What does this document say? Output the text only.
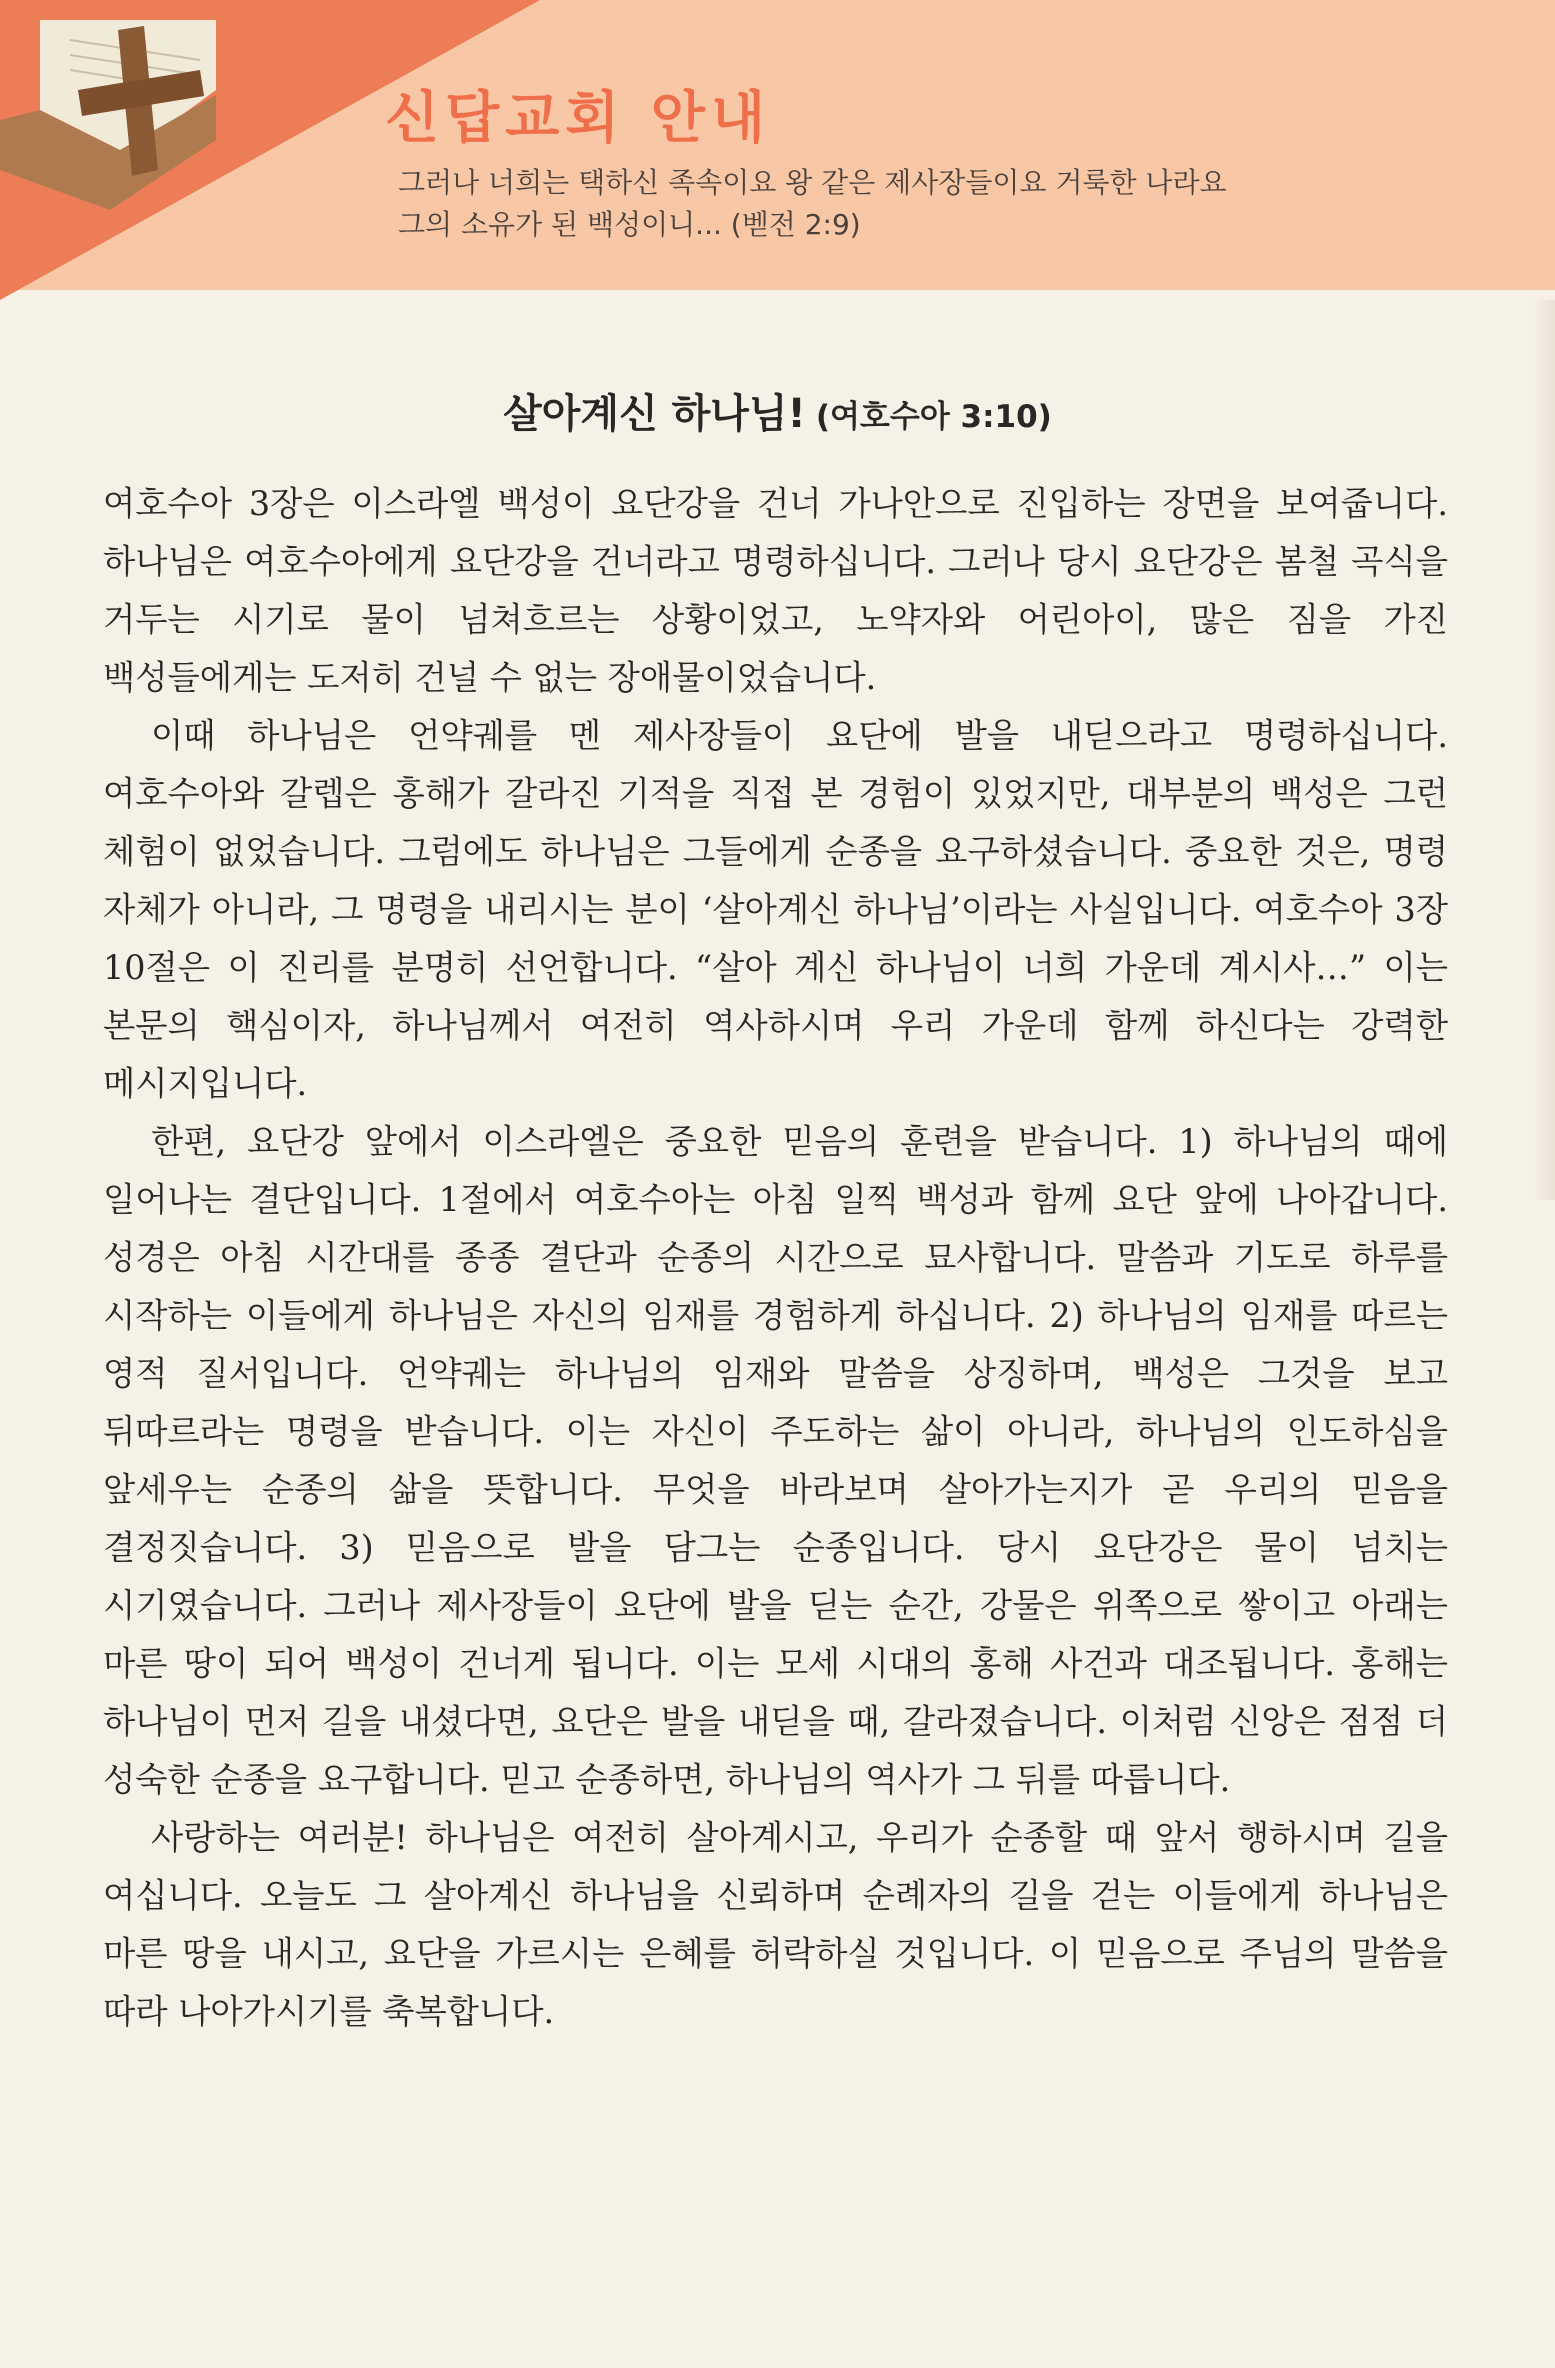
신답교회 안내

그러나 너희는 택하신 족속이요 왕 같은 제사장들이요 거룩한 나라요
그의 소유가 된 백성이니... (벧전 2:9)

살아계신 하나님! (여호수아 3:10)

여호수아 3장은 이스라엘 백성이 요단강을 건너 가나안으로 진입하는 장면을 보여줍니다. 하나님은 여호수아에게 요단강을 건너라고 명령하십니다. 그러나 당시 요단강은 봄철 곡식을 거두는 시기로 물이 넘쳐흐르는 상황이었고, 노약자와 어린아이, 많은 짐을 가진 백성들에게는 도저히 건널 수 없는 장애물이었습니다.

이때 하나님은 언약궤를 멘 제사장들이 요단에 발을 내딛으라고 명령하십니다. 여호수아와 갈렙은 홍해가 갈라진 기적을 직접 본 경험이 있었지만, 대부분의 백성은 그런 체험이 없었습니다. 그럼에도 하나님은 그들에게 순종을 요구하셨습니다. 중요한 것은, 명령 자체가 아니라, 그 명령을 내리시는 분이 ‘살아계신 하나님’이라는 사실입니다. 여호수아 3장 10절은 이 진리를 분명히 선언합니다. “살아 계신 하나님이 너희 가운데 계시사…” 이는 본문의 핵심이자, 하나님께서 여전히 역사하시며 우리 가운데 함께 하신다는 강력한 메시지입니다.

한편, 요단강 앞에서 이스라엘은 중요한 믿음의 훈련을 받습니다. 1) 하나님의 때에 일어나는 결단입니다. 1절에서 여호수아는 아침 일찍 백성과 함께 요단 앞에 나아갑니다. 성경은 아침 시간대를 종종 결단과 순종의 시간으로 묘사합니다. 말씀과 기도로 하루를 시작하는 이들에게 하나님은 자신의 임재를 경험하게 하십니다. 2) 하나님의 임재를 따르는 영적 질서입니다. 언약궤는 하나님의 임재와 말씀을 상징하며, 백성은 그것을 보고 뒤따르라는 명령을 받습니다. 이는 자신이 주도하는 삶이 아니라, 하나님의 인도하심을 앞세우는 순종의 삶을 뜻합니다. 무엇을 바라보며 살아가는지가 곧 우리의 믿음을 결정짓습니다. 3) 믿음으로 발을 담그는 순종입니다. 당시 요단강은 물이 넘치는 시기였습니다. 그러나 제사장들이 요단에 발을 딛는 순간, 강물은 위쪽으로 쌓이고 아래는 마른 땅이 되어 백성이 건너게 됩니다. 이는 모세 시대의 홍해 사건과 대조됩니다. 홍해는 하나님이 먼저 길을 내셨다면, 요단은 발을 내딛을 때, 갈라졌습니다. 이처럼 신앙은 점점 더 성숙한 순종을 요구합니다. 믿고 순종하면, 하나님의 역사가 그 뒤를 따릅니다.

사랑하는 여러분! 하나님은 여전히 살아계시고, 우리가 순종할 때 앞서 행하시며 길을 여십니다. 오늘도 그 살아계신 하나님을 신뢰하며 순례자의 길을 걷는 이들에게 하나님은 마른 땅을 내시고, 요단을 가르시는 은혜를 허락하실 것입니다. 이 믿음으로 주님의 말씀을 따라 나아가시기를 축복합니다.
